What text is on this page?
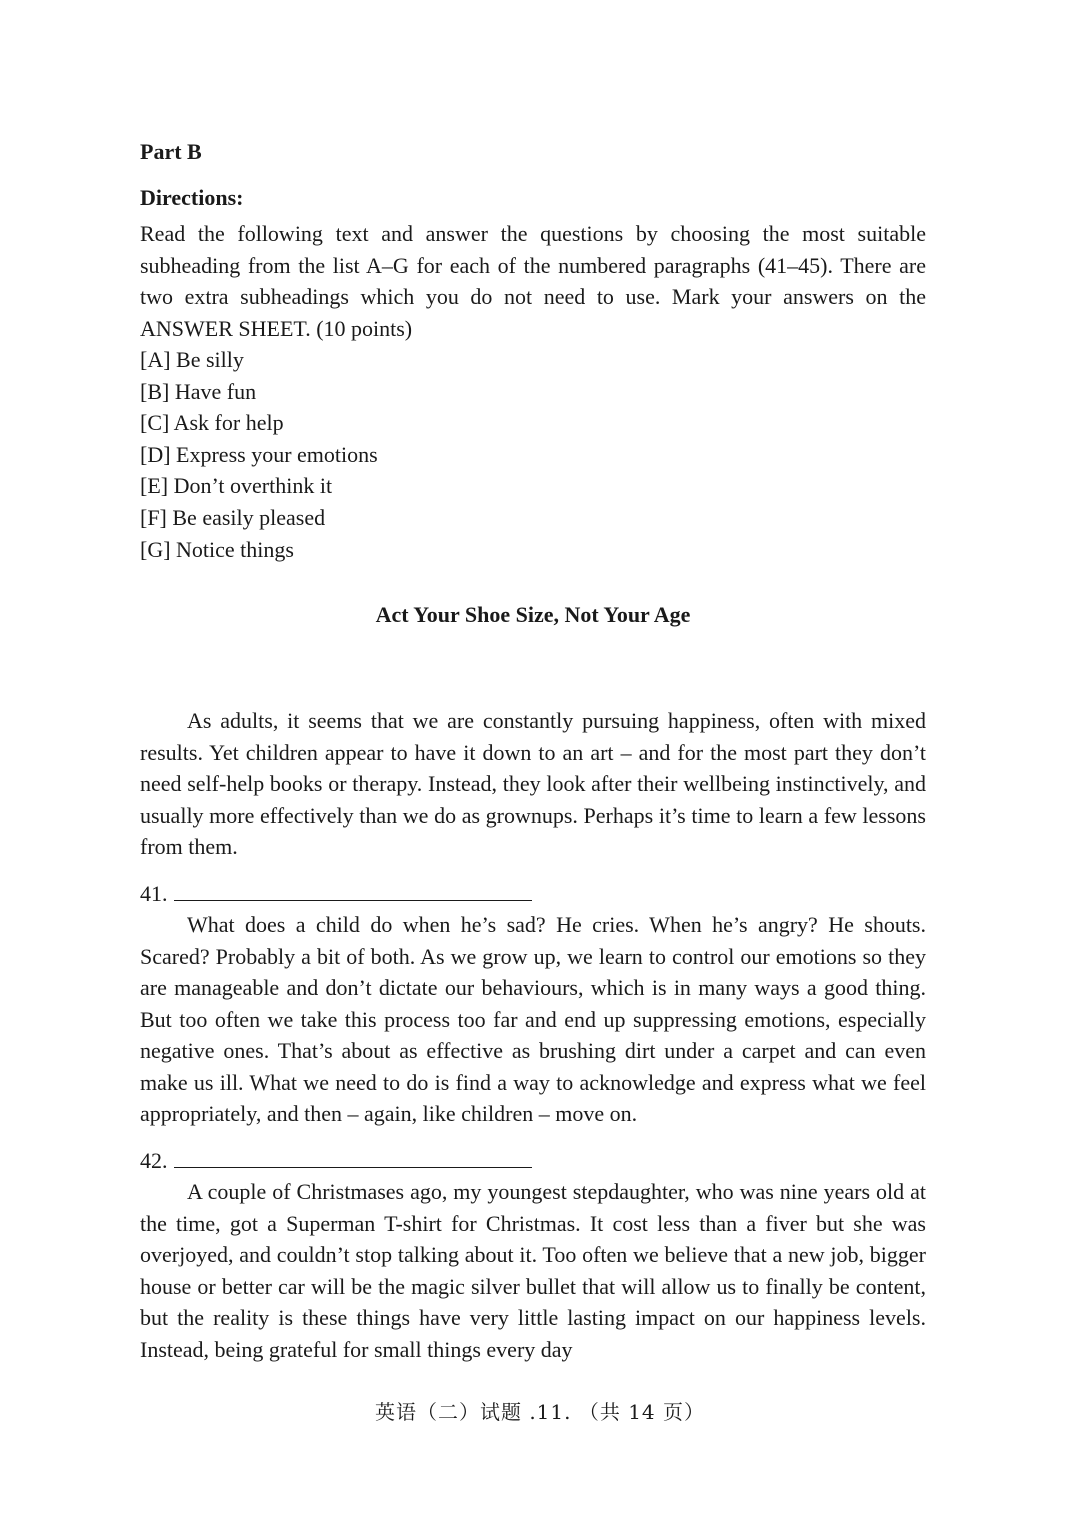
Part B

Directions:

Read the following text and answer the questions by choosing the most suitable subheading from the list A–G for each of the numbered paragraphs (41–45). There are two extra subheadings which you do not need to use. Mark your answers on the ANSWER SHEET. (10 points)

[A] Be silly
[B] Have fun
[C] Ask for help
[D] Express your emotions
[E] Don’t overthink it
[F] Be easily pleased
[G] Notice things

Act Your Shoe Size, Not Your Age

As adults, it seems that we are constantly pursuing happiness, often with mixed results. Yet children appear to have it down to an art – and for the most part they don’t need self-help books or therapy. Instead, they look after their wellbeing instinctively, and usually more effectively than we do as grownups. Perhaps it’s time to learn a few lessons from them.

41.

What does a child do when he’s sad? He cries. When he’s angry? He shouts. Scared? Probably a bit of both. As we grow up, we learn to control our emotions so they are manageable and don’t dictate our behaviours, which is in many ways a good thing. But too often we take this process too far and end up suppressing emotions, especially negative ones. That’s about as effective as brushing dirt under a carpet and can even make us ill. What we need to do is find a way to acknowledge and express what we feel appropriately, and then – again, like children – move on.

42.

A couple of Christmases ago, my youngest stepdaughter, who was nine years old at the time, got a Superman T-shirt for Christmas. It cost less than a fiver but she was overjoyed, and couldn’t stop talking about it. Too often we believe that a new job, bigger house or better car will be the magic silver bullet that will allow us to finally be content, but the reality is these things have very little lasting impact on our happiness levels. Instead, being grateful for small things every day

英语（二）试题 .11. （共 14 页）
